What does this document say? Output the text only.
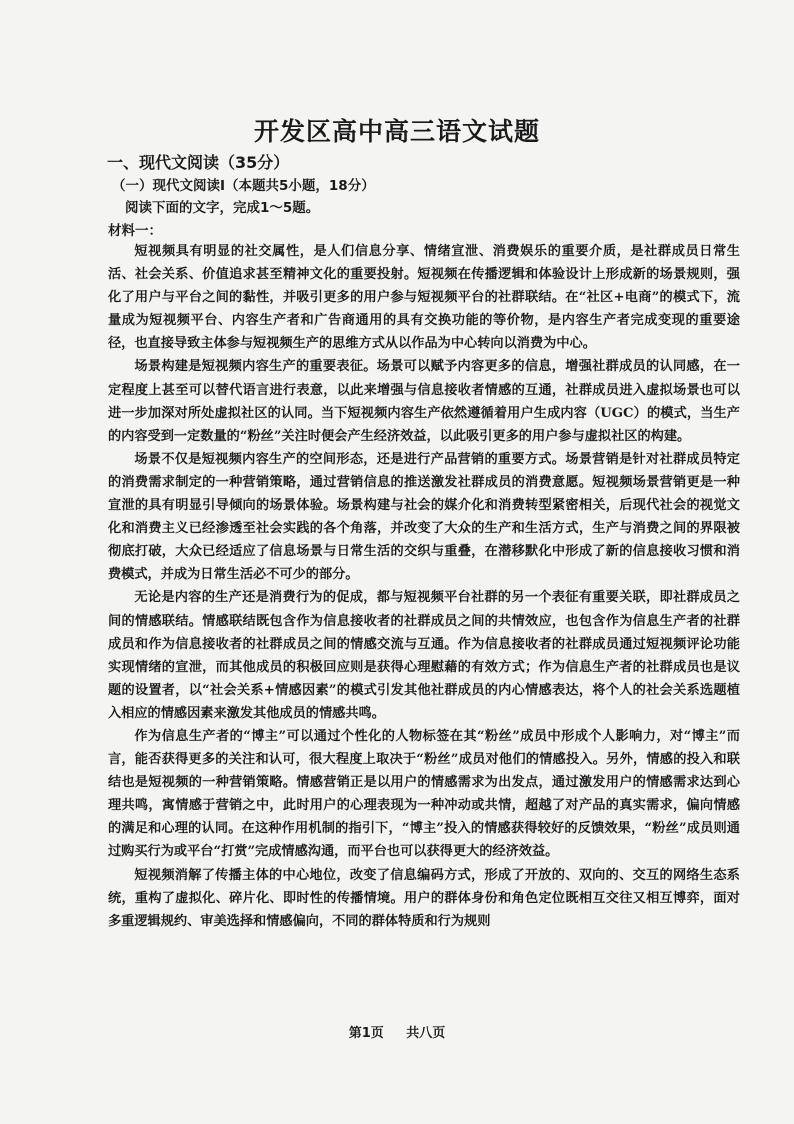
开发区高中高三语文试题
一、现代文阅读（35分）
（一）现代文阅读Ⅰ（本题共5小题，18分）
阅读下面的文字，完成1～5题。
材料一：

短视频具有明显的社交属性，是人们信息分享、情绪宣泄、消费娱乐的重要介质，是社群成员日常生活、社会关系、价值追求甚至精神文化的重要投射。短视频在传播逻辑和体验设计上形成新的场景规则，强化了用户与平台之间的黏性，并吸引更多的用户参与短视频平台的社群联结。在“社区+电商”的模式下，流量成为短视频平台、内容生产者和广告商通用的具有交换功能的等价物，是内容生产者完成变现的重要途径，也直接导致主体参与短视频生产的思维方式从以作品为中心转向以消费为中心。

场景构建是短视频内容生产的重要表征。场景可以赋予内容更多的信息，增强社群成员的认同感，在一定程度上甚至可以替代语言进行表意，以此来增强与信息接收者情感的互通，社群成员进入虚拟场景也可以进一步加深对所处虚拟社区的认同。当下短视频内容生产依然遵循着用户生成内容（UGC）的模式，当生产的内容受到一定数量的“粉丝”关注时便会产生经济效益，以此吸引更多的用户参与虚拟社区的构建。

场景不仅是短视频内容生产的空间形态，还是进行产品营销的重要方式。场景营销是针对社群成员特定的消费需求制定的一种营销策略，通过营销信息的推送激发社群成员的消费意愿。短视频场景营销更是一种宣泄的具有明显引导倾向的场景体验。场景构建与社会的媒介化和消费转型紧密相关，后现代社会的视觉文化和消费主义已经渗透至社会实践的各个角落，并改变了大众的生产和生活方式，生产与消费之间的界限被彻底打破，大众已经适应了信息场景与日常生活的交织与重叠，在潜移默化中形成了新的信息接收习惯和消费模式，并成为日常生活必不可少的部分。

无论是内容的生产还是消费行为的促成，都与短视频平台社群的另一个表征有重要关联，即社群成员之间的情感联结。情感联结既包含作为信息接收者的社群成员之间的共情效应，也包含作为信息生产者的社群成员和作为信息接收者的社群成员之间的情感交流与互通。作为信息接收者的社群成员通过短视频评论功能实现情绪的宣泄，而其他成员的积极回应则是获得心理慰藉的有效方式；作为信息生产者的社群成员也是议题的设置者，以“社会关系+情感因素”的模式引发其他社群成员的内心情感表达，将个人的社会关系选题植入相应的情感因素来激发其他成员的情感共鸣。

作为信息生产者的“博主”可以通过个性化的人物标签在其“粉丝”成员中形成个人影响力，对“博主”而言，能否获得更多的关注和认可，很大程度上取决于“粉丝”成员对他们的情感投入。另外，情感的投入和联结也是短视频的一种营销策略。情感营销正是以用户的情感需求为出发点，通过激发用户的情感需求达到心理共鸣，寓情感于营销之中，此时用户的心理表现为一种冲动或共情，超越了对产品的真实需求，偏向情感的满足和心理的认同。在这种作用机制的指引下，“博主”投入的情感获得较好的反馈效果，“粉丝”成员则通过购买行为或平台“打赏”完成情感沟通，而平台也可以获得更大的经济效益。

短视频消解了传播主体的中心地位，改变了信息编码方式，形成了开放的、双向的、交互的网络生态系统，重构了虚拟化、碎片化、即时性的传播情境。用户的群体身份和角色定位既相互交往又相互博弈，面对多重逻辑规约、审美选择和情感偏向，不同的群体特质和行为规则

第1页 共八页
